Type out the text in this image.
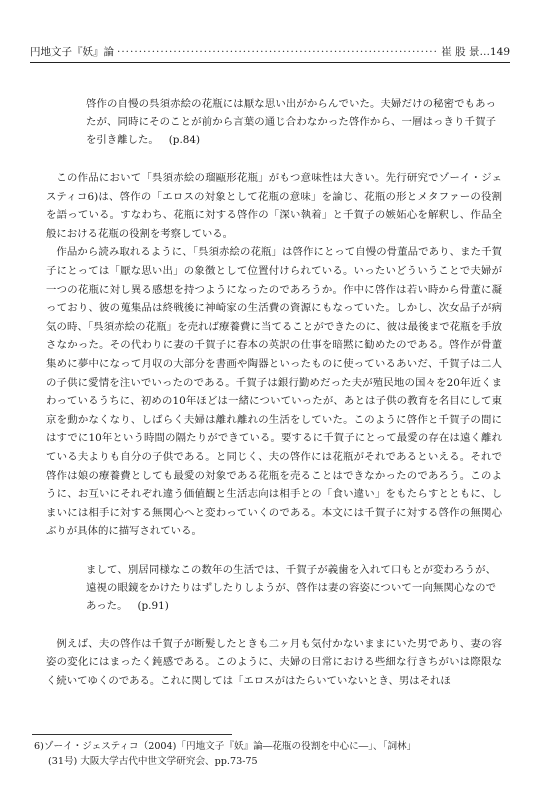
円地文子『妖』論
·····	崔 股 景…149
啓作の自慢の呉須赤絵の花瓶には厭な思い出がからんでいた。夫婦だけの秘密でもあったが、同時にそのことが前から言葉の通じ合わなかった啓作から、一層はっきり千賀子を引き離した。 (p.84)

この作品において「呉須赤絵の瑠甌形花瓶」がもつ意味性は大きい。先行研究でゾーイ・ジェスティコ6)は、啓作の「エロスの対象として花瓶の意味」を論じ、花瓶の形とメタファーの役割を語っている。すなわち、花瓶に対する啓作の「深い執着」と千賀子の嫉妬心を解釈し、作品全般における花瓶の役割を考察している。

作品から読み取れるように、「呉須赤絵の花瓶」は啓作にとって自慢の骨董品であり、また千賀子にとっては「厭な思い出」の象徴として位置付けられている。いったいどういうことで夫婦が一つの花瓶に対し異る感想を持つようになったのであろうか。作中に啓作は若い時から骨董に凝っており、彼の蒐集品は終戦後に神崎家の生活費の資源にもなっていた。しかし、次女品子が病気の時、「呉須赤絵の花瓶」を売れば療養費に当てることができたのに、彼は最後まで花瓶を手放さなかった。その代わりに妻の千賀子に春本の英訳の仕事を暗黙に勧めたのである。啓作が骨董集めに夢中になって月収の大部分を書画や陶器といったものに使っているあいだ、千賀子は二人の子供に愛情を注いでいったのである。千賀子は銀行勤めだった夫が殖民地の国々を20年近くまわっているうちに、初めの10年ほどは一緒についていったが、あとは子供の教育を名目にして東京を動かなくなり、しばらく夫婦は離れ離れの生活をしていた。このように啓作と千賀子の間にはすでに10年という時間の隔たりができている。要するに千賀子にとって最愛の存在は遠く離れている夫よりも自分の子供である。と同じく、夫の啓作には花瓶がそれであるといえる。それで啓作は娘の療養費としても最愛の対象である花瓶を売ることはできなかったのであろう。このように、お互いにそれぞれ違う価値観と生活志向は相手との「食い違い」をもたらすとともに、しまいには相手に対する無関心へと変わっていくのである。本文には千賀子に対する啓作の無関心ぶりが具体的に描写されている。

まして、別居同様なこの数年の生活では、千賀子が義歯を入れて口もとが変わろうが、遠視の眼鏡をかけたりはずしたりしようが、啓作は妻の容姿について一向無関心なのであった。 (p.91)

例えば、夫の啓作は千賀子が断髪したときも二ヶ月も気付かないままにいた男であり、妻の容姿の変化にはまったく鈍感である。このように、夫婦の日常における些細な行きちがいは際限なく続いてゆくのである。これに関しては「エロスがはたらいていないとき、男はそれほ

6)ゾーイ・ジェスティコ（2004)「円地文子『妖』論―花瓶の役割を中心に―」、「詞林」
(31号) 大阪大学古代中世文学研究会、pp.73-75
